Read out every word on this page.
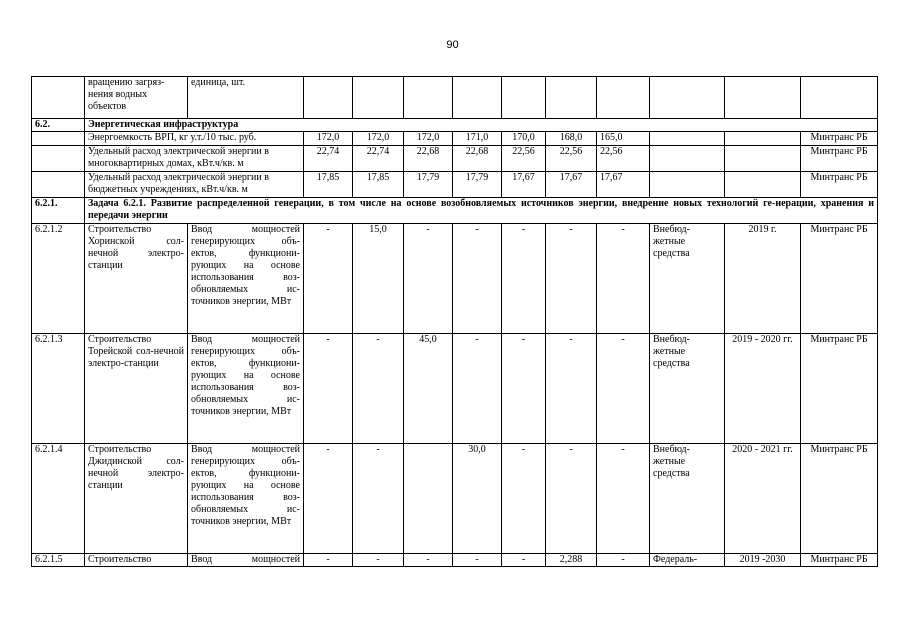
90
	вращению загряз-нения водных объектов	единица, шт.										
6.2.	Энергетическая инфраструктура											
	Энергоемкость ВРП, кг у.т./10 тыс. руб.		172,0	172,0	172,0	171,0	170,0	168,0	165,0			Минтранс РБ
	Удельный расход электрической энергии в многоквартирных домах, кВт.ч/кв. м		22,74	22,74	22,68	22,68	22,56	22,56	22,56			Минтранс РБ
	Удельный расход электрической энергии в бюджетных учреждениях, кВт.ч/кв. м		17,85	17,85	17,79	17,79	17,67	17,67	17,67			Минтранс РБ
6.2.1.	Задача 6.2.1. Развитие распределенной генерации, в том числе на основе возобновляемых источников энергии, внедрение новых технологий ге-нерации, хранения и передачи энергии											
6.2.1.2	Строительство Хоринской сол-нечной электро-станции	Ввод мощностей генерирующих объ-ектов, функциони-рующих на основе использования воз-обновляемых ис-точников энергии, МВт	-	15,0	-	-	-	-	-	Внебюд-жетные средства	2019 г.	Минтранс РБ
6.2.1.3	Строительство Торейской сол-нечной электро-станции	Ввод мощностей генерирующих объ-ектов, функциони-рующих на основе использования воз-обновляемых ис-точников энергии, МВт	-	-	45,0	-	-	-	-	Внебюд-жетные средства	2019 - 2020 гг.	Минтранс РБ
6.2.1.4	Строительство Джидинской сол-нечной электро-станции	Ввод мощностей генерирующих объ-ектов, функциони-рующих на основе использования воз-обновляемых ис-точников энергии, МВт	-	-		30,0	-	-	-	Внебюд-жетные средства	2020 - 2021 гг.	Минтранс РБ
6.2.1.5	Строительство	Ввод мощностей	-	-	-	-	-	2,288	-	Федераль-	2019 -2030	Минтранс РБ
